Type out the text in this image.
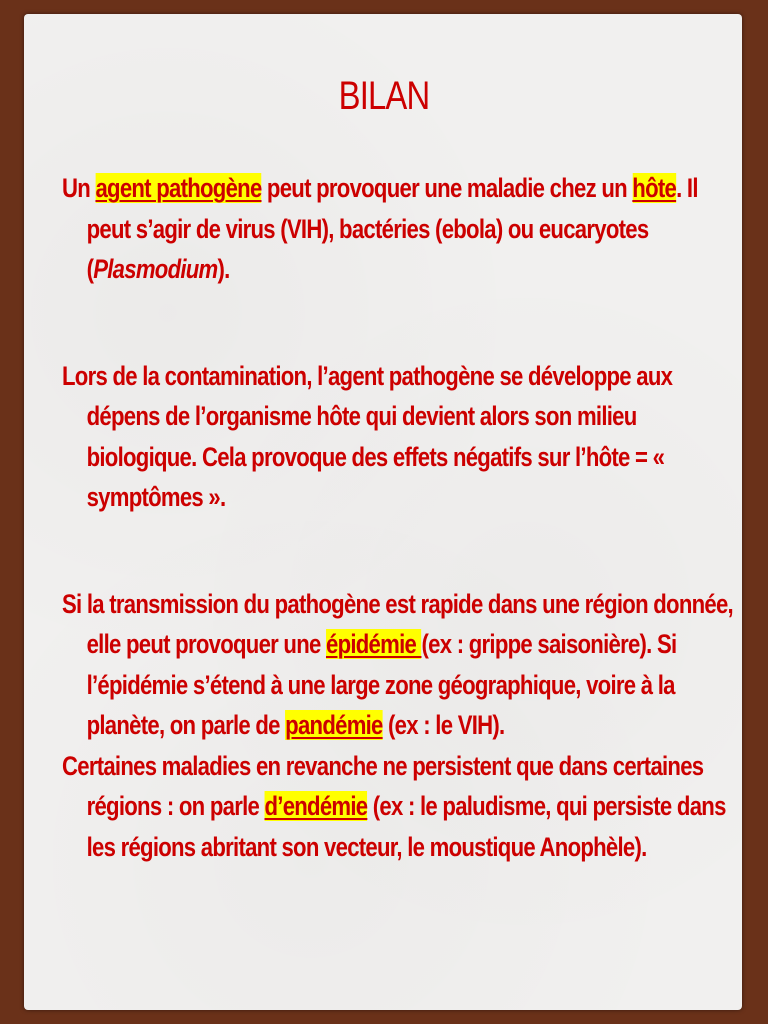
BILAN

Un agent pathogène peut provoquer une maladie chez un hôte. Il peut s’agir de virus (VIH), bactéries (ebola) ou eucaryotes (Plasmodium).

Lors de la contamination, l’agent pathogène se développe aux dépens de l’organisme hôte qui devient alors son milieu biologique. Cela provoque des effets négatifs sur l’hôte = « symptômes ».

Si la transmission du pathogène est rapide dans une région donnée, elle peut provoquer une épidémie (ex : grippe saisonière). Si l’épidémie s’étend à une large zone géographique, voire à la planète, on parle de pandémie (ex : le VIH).

Certaines maladies en revanche ne persistent que dans certaines régions : on parle d’endémie (ex : le paludisme, qui persiste dans les régions abritant son vecteur, le moustique Anophèle).
